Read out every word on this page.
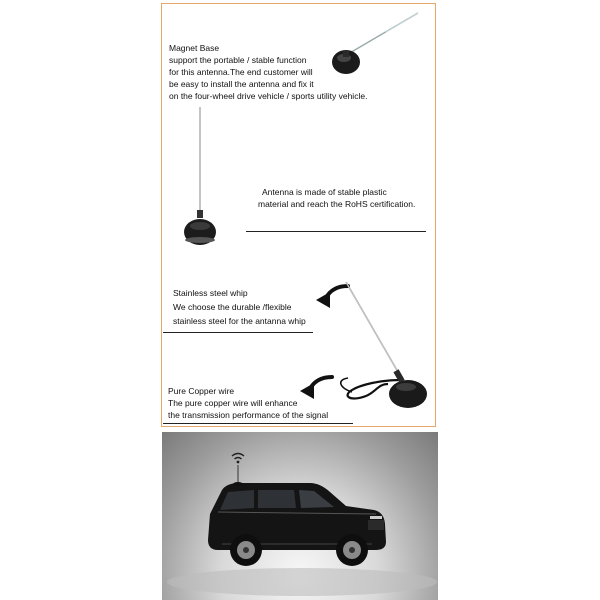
Magnet Base
support the portable / stable function
for this antenna.The end customer will
be easy to install the antenna and fix it
on the four-wheel drive vehicle / sports utility vehicle.
Antenna is made of stable plastic
material and reach the RoHS certification.
Stainless steel whip
We choose the durable /flexible
stainless steel for the antanna whip
Pure Copper wire
The pure copper wire will enhance
the transmission performance of the signal
